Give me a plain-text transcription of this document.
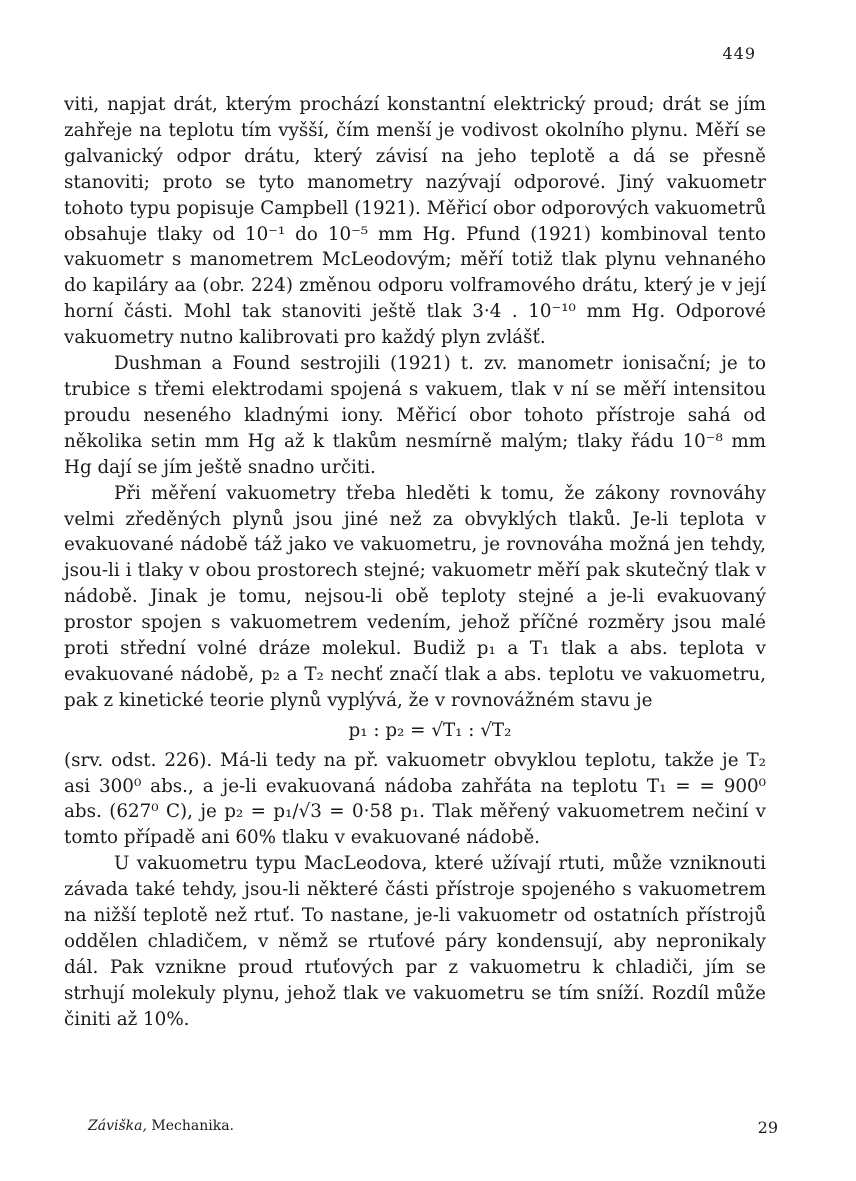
449

viti, napjat drát, kterým prochází konstantní elektrický proud; drát se jím zahřeje na teplotu tím vyšší, čím menší je vodivost okolního plynu. Měří se galvanický odpor drátu, který závisí na jeho teplotě a dá se přesně stanoviti; proto se tyto manometry nazývají odporové. Jiný vakuometr tohoto typu popisuje Campbell (1921). Měřicí obor odporových vakuometrů obsahuje tlaky od 10⁻¹ do 10⁻⁵ mm Hg. Pfund (1921) kombinoval tento vakuometr s manometrem McLeodovým; měří totiž tlak plynu vehnaného do kapiláry aa (obr. 224) změnou odporu volframového drátu, který je v její horní části. Mohl tak stanoviti ještě tlak 3·4 . 10⁻¹⁰ mm Hg. Odporové vakuometry nutno kalibrovati pro každý plyn zvlášť.

Dushman a Found sestrojili (1921) t. zv. manometr ionisační; je to trubice s třemi elektrodami spojená s vakuem, tlak v ní se měří intensitou proudu neseného kladnými iony. Měřicí obor tohoto přístroje sahá od několika setin mm Hg až k tlakům nesmírně malým; tlaky řádu 10⁻⁸ mm Hg dají se jím ještě snadno určiti.

Při měření vakuometry třeba hleděti k tomu, že zákony rovnováhy velmi zředěných plynů jsou jiné než za obvyklých tlaků. Je-li teplota v evakuované nádobě táž jako ve vakuometru, je rovnováha možná jen tehdy, jsou-li i tlaky v obou prostorech stejné; vakuometr měří pak skutečný tlak v nádobě. Jinak je tomu, nejsou-li obě teploty stejné a je-li evakuovaný prostor spojen s vakuometrem vedením, jehož příčné rozměry jsou malé proti střední volné dráze molekul. Budiž p₁ a T₁ tlak a abs. teplota v evakuované nádobě, p₂ a T₂ nechť značí tlak a abs. teplotu ve vakuometru, pak z kinetické teorie plynů vyplývá, že v rovnovážném stavu je

p₁ : p₂ = √T₁ : √T₂

(srv. odst. 226). Má-li tedy na př. vakuometr obvyklou teplotu, takže je T₂ asi 300⁰ abs., a je-li evakuovaná nádoba zahřáta na teplotu T₁ = = 900⁰ abs. (627⁰ C), je p₂ = p₁/√3 = 0·58 p₁. Tlak měřený vakuometrem nečiní v tomto případě ani 60% tlaku v evakuované nádobě.

U vakuometru typu MacLeodova, které užívají rtuti, může vzniknouti závada také tehdy, jsou-li některé části přístroje spojeného s vakuometrem na nižší teplotě než rtuť. To nastane, je-li vakuometr od ostatních přístrojů oddělen chladičem, v němž se rtuťové páry kondensují, aby nepronikaly dál. Pak vznikne proud rtuťových par z vakuometru k chladiči, jím se strhují molekuly plynu, jehož tlak ve vakuometru se tím sníží. Rozdíl může činiti až 10%.

Záviška, Mechanika.	29
